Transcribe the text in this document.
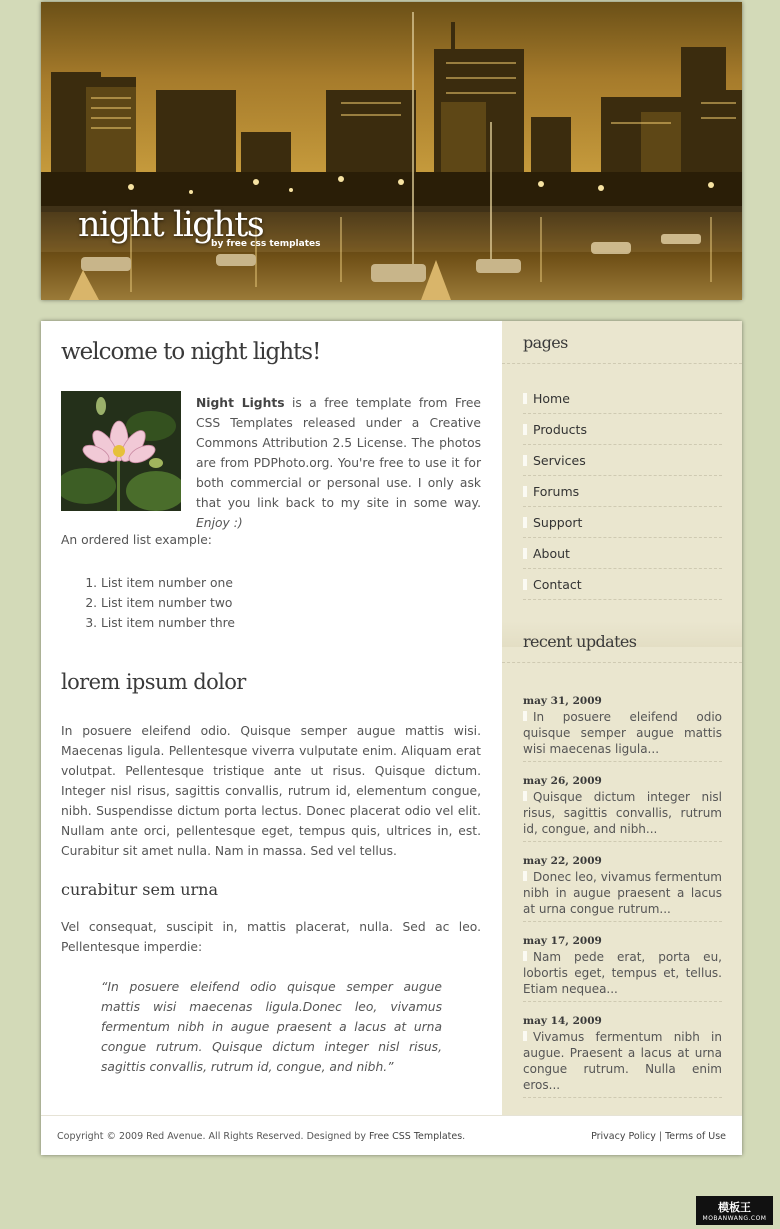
night lights
by free css templates
welcome to night lights!

Night Lights is a free template from Free CSS Templates released under a Creative Commons Attribution 2.5 License. The photos are from PDPhoto.org. You're free to use it for both commercial or personal use. I only ask that you link back to my site in some way. Enjoy :)

An ordered list example:

1. List item number one
2. List item number two
3. List item number thre
lorem ipsum dolor

In posuere eleifend odio. Quisque semper augue mattis wisi. Maecenas ligula. Pellentesque viverra vulputate enim. Aliquam erat volutpat. Pellentesque tristique ante ut risus. Quisque dictum. Integer nisl risus, sagittis convallis, rutrum id, elementum congue, nibh. Suspendisse dictum porta lectus. Donec placerat odio vel elit. Nullam ante orci, pellentesque eget, tempus quis, ultrices in, est. Curabitur sit amet nulla. Nam in massa. Sed vel tellus.

curabitur sem urna

Vel consequat, suscipit in, mattis placerat, nulla. Sed ac leo. Pellentesque imperdie:

“In posuere eleifend odio quisque semper augue mattis wisi maecenas ligula.Donec leo, vivamus fermentum nibh in augue praesent a lacus at urna congue rutrum. Quisque dictum integer nisl risus, sagittis convallis, rutrum id, congue, and nibh.”

pages
Home
Products
Services
Forums
Support
About
Contact
recent updates
may 31, 2009
In posuere eleifend odio quisque semper augue mattis wisi maecenas ligula...
may 26, 2009
Quisque dictum integer nisl risus, sagittis convallis, rutrum id, congue, and nibh...
may 22, 2009
Donec leo, vivamus fermentum nibh in augue praesent a lacus at urna congue rutrum...
may 17, 2009
Nam pede erat, porta eu, lobortis eget, tempus et, tellus. Etiam nequea...
may 14, 2009
Vivamus fermentum nibh in augue. Praesent a lacus at urna congue rutrum. Nulla enim eros...
Copyright © 2009 Red Avenue. All Rights Reserved. Designed by Free CSS Templates.	Privacy Policy | Terms of Use
模板王
MOBANWANG.COM
